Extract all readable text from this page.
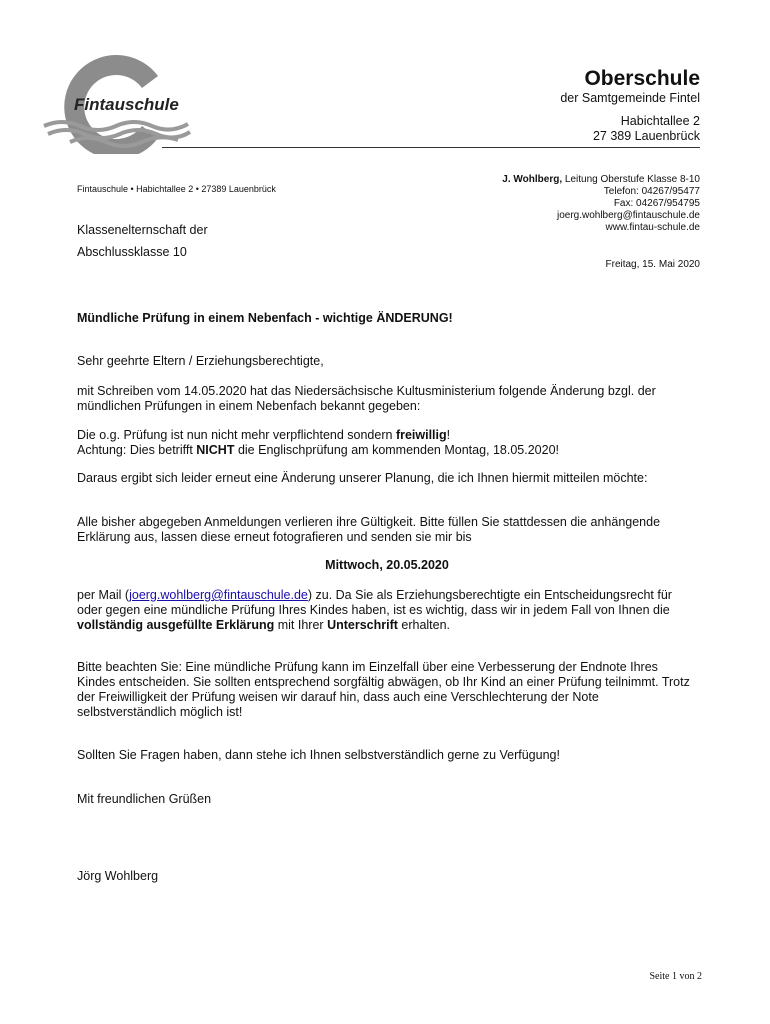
Fintauschule
Oberschule
der Samtgemeinde Fintel
Habichtallee 2
27 389 Lauenbrück
Fintauschule • Habichtallee 2 • 27389 Lauenbrück
J. Wohlberg, Leitung Oberstufe Klasse 8-10
Telefon: 04267/95477
Fax: 04267/954795
joerg.wohlberg@fintauschule.de
www.fintau-schule.de
Klassenelternschaft der
Abschlussklasse 10
Freitag, 15. Mai 2020
Mündliche Prüfung in einem Nebenfach - wichtige ÄNDERUNG!
Sehr geehrte Eltern / Erziehungsberechtigte,
mit Schreiben vom 14.05.2020 hat das Niedersächsische Kultusministerium folgende Änderung bzgl. der mündlichen Prüfungen in einem Nebenfach bekannt gegeben:

Die o.g. Prüfung ist nun nicht mehr verpflichtend sondern freiwillig!

Achtung: Dies betrifft NICHT die Englischprüfung am kommenden Montag, 18.05.2020!

Daraus ergibt sich leider erneut eine Änderung unserer Planung, die ich Ihnen hiermit mitteilen möchte:
Alle bisher abgegeben Anmeldungen verlieren ihre Gültigkeit. Bitte füllen Sie stattdessen die anhängende Erklärung aus, lassen diese erneut fotografieren und senden sie mir bis
Mittwoch, 20.05.2020
per Mail (joerg.wohlberg@fintauschule.de) zu. Da Sie als Erziehungsberechtigte ein Entscheidungsrecht für oder gegen eine mündliche Prüfung Ihres Kindes haben, ist es wichtig, dass wir in jedem Fall von Ihnen die vollständig ausgefüllte Erklärung mit Ihrer Unterschrift erhalten.
Bitte beachten Sie: Eine mündliche Prüfung kann im Einzelfall über eine Verbesserung der Endnote Ihres Kindes entscheiden. Sie sollten entsprechend sorgfältig abwägen, ob Ihr Kind an einer Prüfung teilnimmt. Trotz der Freiwilligkeit der Prüfung weisen wir darauf hin, dass auch eine Verschlechterung der Note selbstverständlich möglich ist!
Sollten Sie Fragen haben, dann stehe ich Ihnen selbstverständlich gerne zu Verfügung!
Mit freundlichen Grüßen
Jörg Wohlberg
Seite 1 von 2
